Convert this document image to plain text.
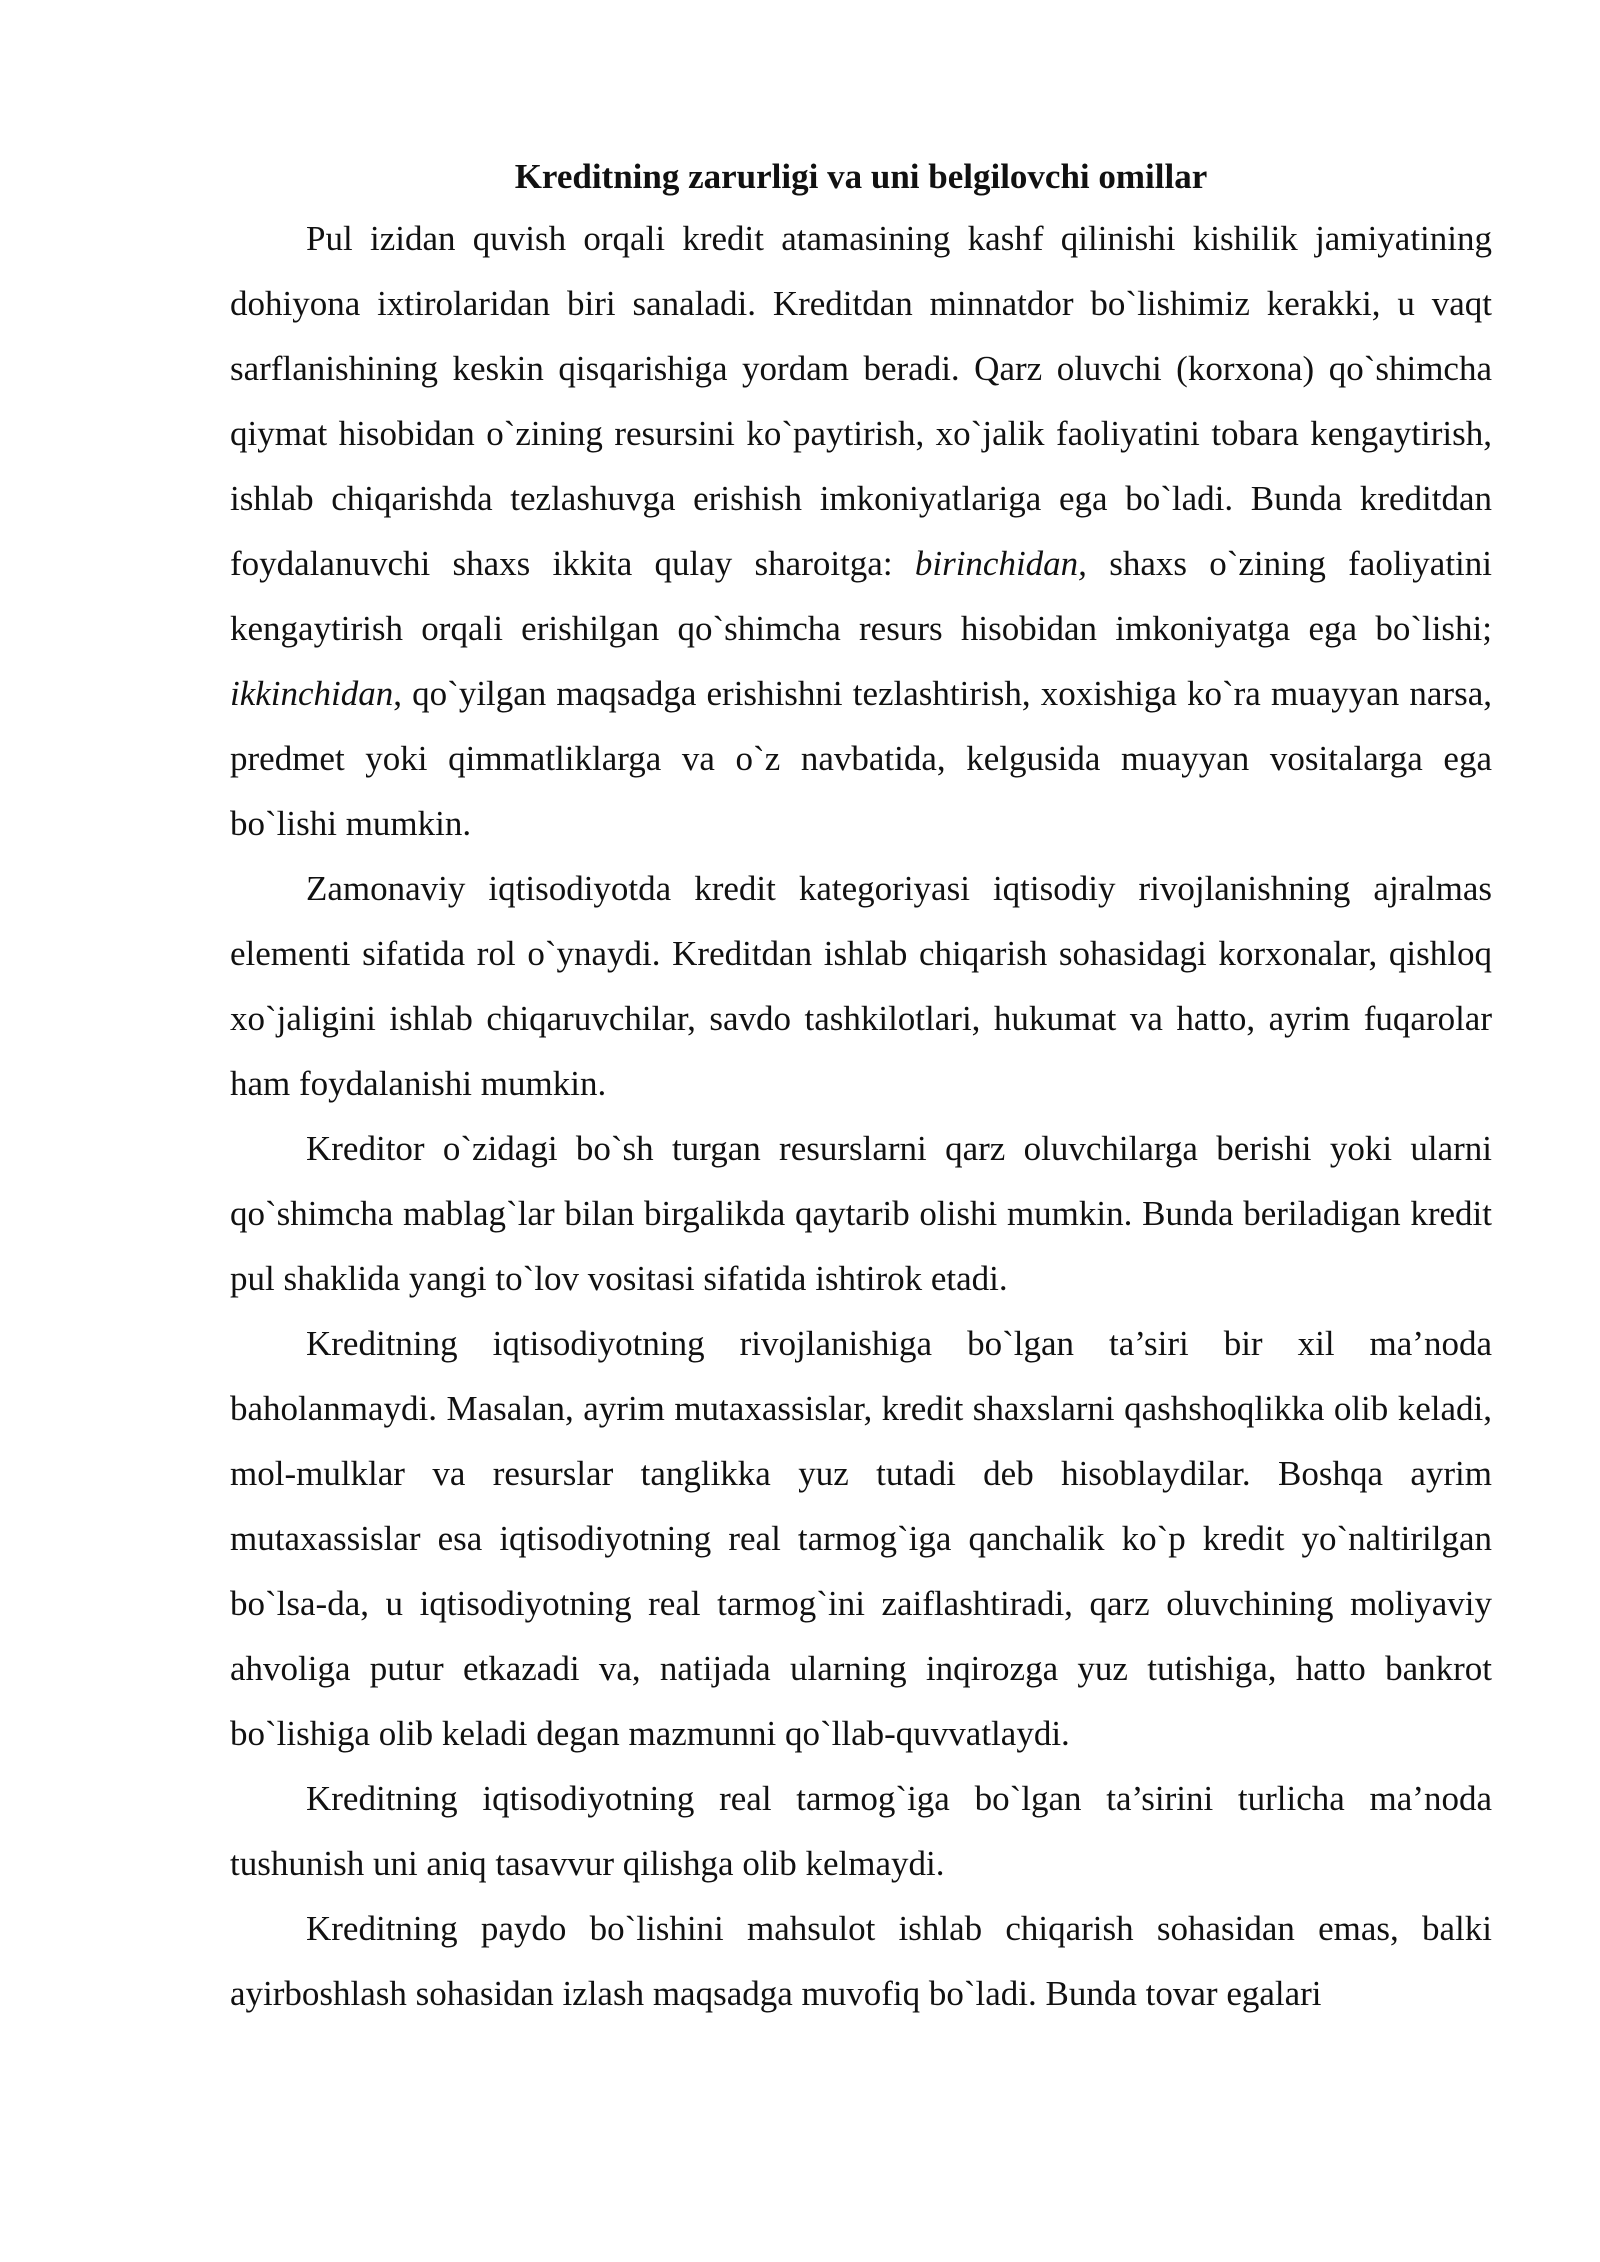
Kreditning zarurligi va uni belgilovchi omillar

Pul izidan quvish orqali kredit atamasining kashf qilinishi kishilik jamiyatining dohiyona ixtirolaridan biri sanaladi. Kreditdan minnatdor bo`lishimiz kerakki, u vaqt sarflanishining keskin qisqarishiga yordam beradi. Qarz oluvchi (korxona) qo`shimcha qiymat hisobidan o`zining resursini ko`paytirish, xo`jalik faoliyatini tobara kengaytirish, ishlab chiqarishda tezlashuvga erishish imkoniyatlariga ega bo`ladi. Bunda kreditdan foydalanuvchi shaxs ikkita qulay sharoitga: birinchidan, shaxs o`zining faoliyatini kengaytirish orqali erishilgan qo`shimcha resurs hisobidan imkoniyatga ega bo`lishi; ikkinchidan, qo`yilgan maqsadga erishishni tezlashtirish, xoxishiga ko`ra muayyan narsa, predmet yoki qimmatliklarga va o`z navbatida, kelgusida muayyan vositalarga ega bo`lishi mumkin.

Zamonaviy iqtisodiyotda kredit kategoriyasi iqtisodiy rivojlanishning ajralmas elementi sifatida rol o`ynaydi. Kreditdan ishlab chiqarish sohasidagi korxonalar, qishloq xo`jaligini ishlab chiqaruvchilar, savdo tashkilotlari, hukumat va hatto, ayrim fuqarolar ham foydalanishi mumkin.

Kreditor o`zidagi bo`sh turgan resurslarni qarz oluvchilarga berishi yoki ularni qo`shimcha mablag`lar bilan birgalikda qaytarib olishi mumkin. Bunda beriladigan kredit pul shaklida yangi to`lov vositasi sifatida ishtirok etadi.

Kreditning iqtisodiyotning rivojlanishiga bo`lgan ta’siri bir xil ma’noda baholanmaydi. Masalan, ayrim mutaxassislar, kredit shaxslarni qashshoqlikka olib keladi, mol-mulklar va resurslar tanglikka yuz tutadi deb hisoblaydilar. Boshqa ayrim mutaxassislar esa iqtisodiyotning real tarmog`iga qanchalik ko`p kredit yo`naltirilgan bo`lsa-da, u iqtisodiyotning real tarmog`ini zaiflashtiradi, qarz oluvchining moliyaviy ahvoliga putur etkazadi va, natijada ularning inqirozga yuz tutishiga, hatto bankrot bo`lishiga olib keladi degan mazmunni qo`llab-quvvatlaydi.

Kreditning iqtisodiyotning real tarmog`iga bo`lgan ta’sirini turlicha ma’noda tushunish uni aniq tasavvur qilishga olib kelmaydi.

Kreditning paydo bo`lishini mahsulot ishlab chiqarish sohasidan emas, balki ayirboshlash sohasidan izlash maqsadga muvofiq bo`ladi. Bunda tovar egalari
